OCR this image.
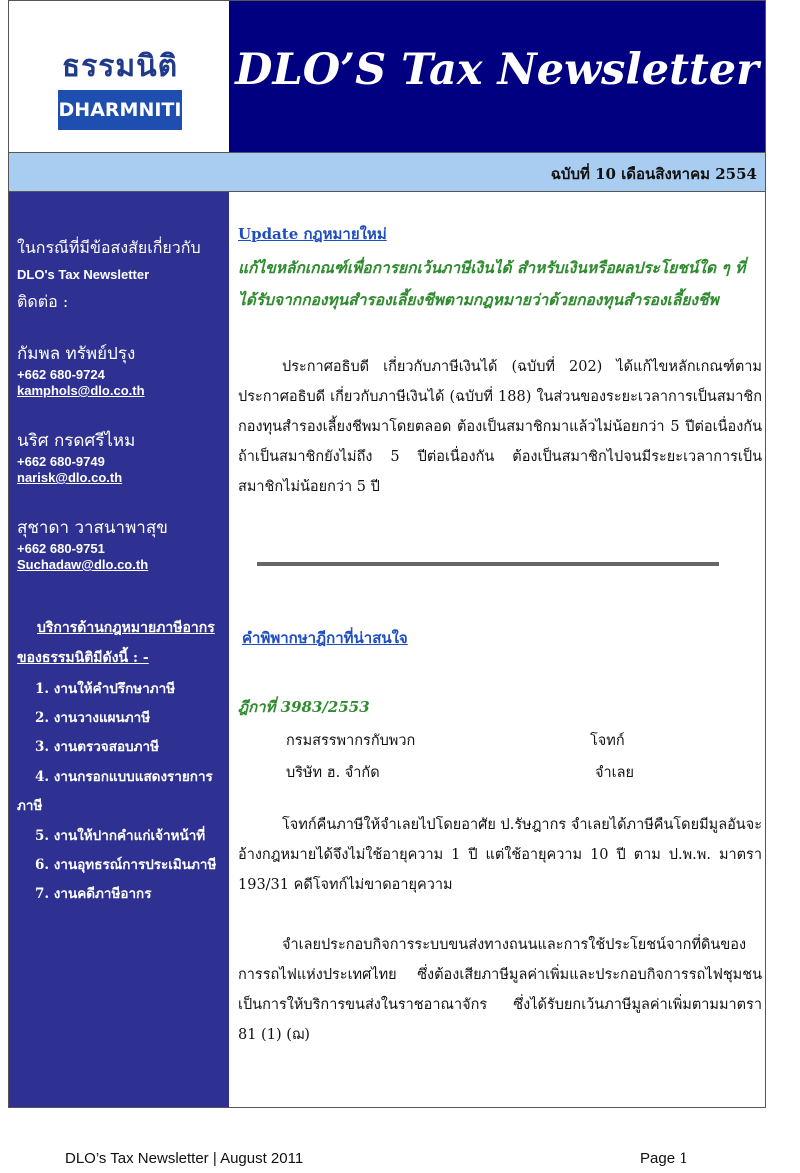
ธรรมนิติ
DHARMNITI
DLO’S Tax Newsletter
ฉบับที่ 10 เดือนสิงหาคม 2554
ในกรณีที่มีข้อสงสัยเกี่ยวกับ
DLO's Tax Newsletter
ติดต่อ :
กัมพล ทรัพย์ปรุง
+662 680-9724
kamphols@dlo.co.th
นริศ กรดศรีไหม
+662 680-9749
narisk@dlo.co.th
สุชาดา วาสนาพาสุข
+662 680-9751
Suchadaw@dlo.co.th
บริการด้านกฎหมายภาษีอากร
ของธรรมนิติมีดังนี้ : -
1. งานให้คำปรึกษาภาษี
2. งานวางแผนภาษี
3. งานตรวจสอบภาษี
4. งานกรอกแบบแสดงรายการ
ภาษี
5. งานให้ปากคำแก่เจ้าหน้าที่
6. งานอุทธรณ์การประเมินภาษี
7. งานคดีภาษีอากร
Update กฎหมายใหม่
แก้ไขหลักเกณฑ์เพื่อการยกเว้นภาษีเงินได้ สำหรับเงินหรือผลประโยชน์ใด ๆ ที่
ได้รับจากกองทุนสำรองเลี้ยงชีพตามกฎหมายว่าด้วยกองทุนสำรองเลี้ยงชีพ
ประกาศอธิบดี เกี่ยวกับภาษีเงินได้ (ฉบับที่ 202) ได้แก้ไขหลักเกณฑ์ตามประกาศอธิบดี เกี่ยวกับภาษีเงินได้ (ฉบับที่ 188) ในส่วนของระยะเวลาการเป็นสมาชิกกองทุนสำรองเลี้ยงชีพมาโดยตลอด ต้องเป็นสมาชิกมาแล้วไม่น้อยกว่า 5 ปีต่อเนื่องกัน ถ้าเป็นสมาชิกยังไม่ถึง 5 ปีต่อเนื่องกัน ต้องเป็นสมาชิกไปจนมีระยะเวลาการเป็นสมาชิกไม่น้อยกว่า 5 ปี
คำพิพากษาฎีกาที่น่าสนใจ
ฎีกาที่ 3983/2553
กรมสรรพากรกับพวก	โจทก์
บริษัท ฮ. จำกัด	จำเลย
โจทก์คืนภาษีให้จำเลยไปโดยอาศัย ป.รัษฎากร จำเลยได้ภาษีคืนโดยมีมูลอันจะอ้างกฎหมายได้จึงไม่ใช้อายุความ 1 ปี แต่ใช้อายุความ 10 ปี ตาม ป.พ.พ. มาตรา 193/31 คดีโจทก์ไม่ขาดอายุความ
จำเลยประกอบกิจการระบบขนส่งทางถนนและการใช้ประโยชน์จากที่ดินของการรถไฟแห่งประเทศไทย ซึ่งต้องเสียภาษีมูลค่าเพิ่มและประกอบกิจการรถไฟชุมชน เป็นการให้บริการขนส่งในราชอาณาจักร ซึ่งได้รับยกเว้นภาษีมูลค่าเพิ่มตามมาตรา 81 (1) (ฌ)
DLO’s Tax Newsletter | August 2011	Page 1
